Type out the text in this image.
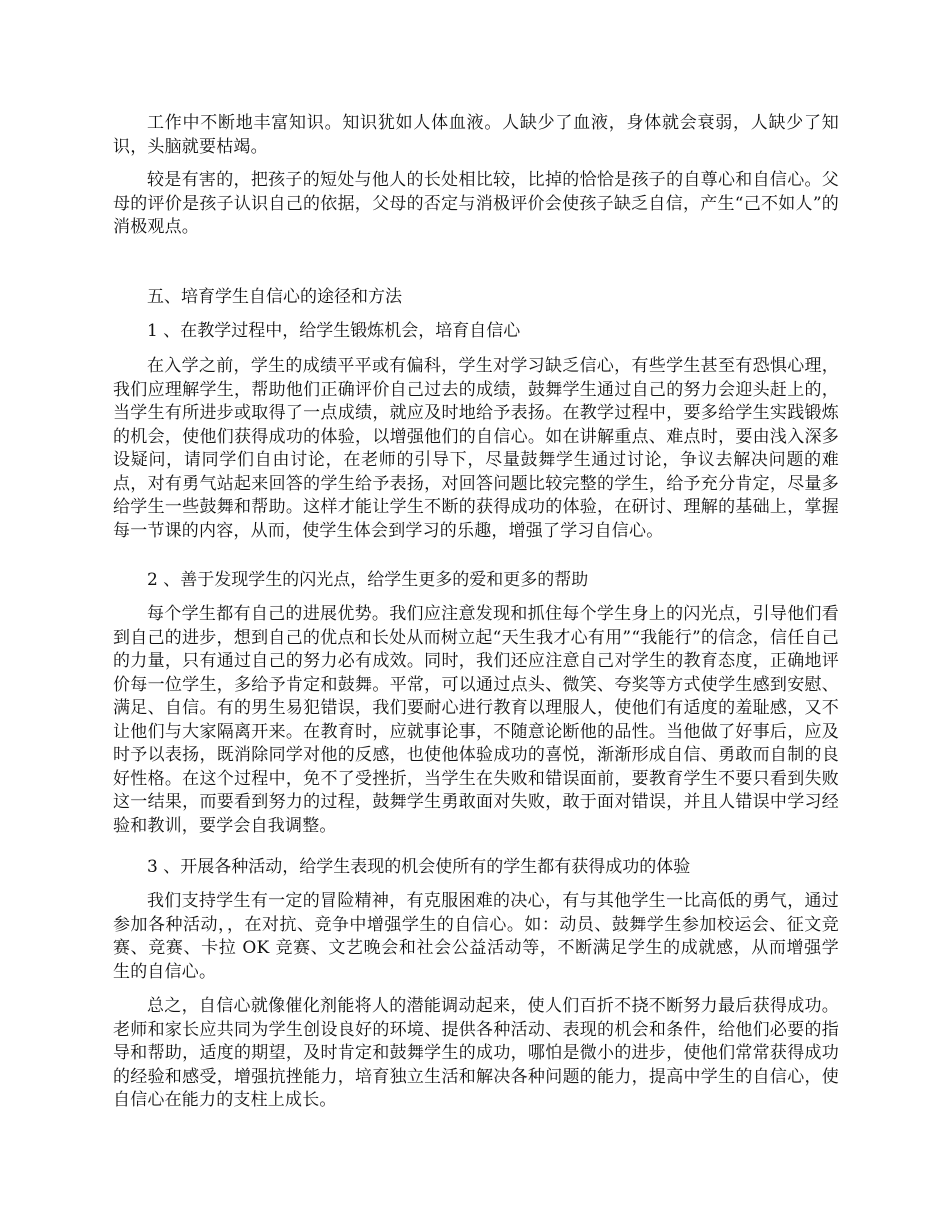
工作中不断地丰富知识。知识犹如人体血液。人缺少了血液，身体就会衰弱，人缺少了知识，头脑就要枯竭。

较是有害的，把孩子的短处与他人的长处相比较，比掉的恰恰是孩子的自尊心和自信心。父母的评价是孩子认识自己的依据，父母的否定与消极评价会使孩子缺乏自信，产生“己不如人”的消极观点。

五、培育学生自信心的途径和方法

1 、在教学过程中，给学生锻炼机会，培育自信心

在入学之前，学生的成绩平平或有偏科，学生对学习缺乏信心，有些学生甚至有恐惧心理，我们应理解学生，帮助他们正确评价自己过去的成绩，鼓舞学生通过自己的努力会迎头赶上的，当学生有所进步或取得了一点成绩，就应及时地给予表扬。在教学过程中，要多给学生实践锻炼的机会，使他们获得成功的体验，以增强他们的自信心。如在讲解重点、难点时，要由浅入深多设疑问，请同学们自由讨论，在老师的引导下，尽量鼓舞学生通过讨论，争议去解决问题的难点，对有勇气站起来回答的学生给予表扬，对回答问题比较完整的学生，给予充分肯定，尽量多给学生一些鼓舞和帮助。这样才能让学生不断的获得成功的体验，在研讨、理解的基础上，掌握每一节课的内容，从而，使学生体会到学习的乐趣，增强了学习自信心。

2 、善于发现学生的闪光点，给学生更多的爱和更多的帮助

每个学生都有自己的进展优势。我们应注意发现和抓住每个学生身上的闪光点，引导他们看到自己的进步，想到自己的优点和长处从而树立起“天生我才心有用”“我能行”的信念，信任自己的力量，只有通过自己的努力必有成效。同时，我们还应注意自己对学生的教育态度，正确地评价每一位学生，多给予肯定和鼓舞。平常，可以通过点头、微笑、夸奖等方式使学生感到安慰、满足、自信。有的男生易犯错误，我们要耐心进行教育以理服人，使他们有适度的羞耻感，又不让他们与大家隔离开来。在教育时，应就事论事，不随意论断他的品性。当他做了好事后，应及时予以表扬，既消除同学对他的反感，也使他体验成功的喜悦，渐渐形成自信、勇敢而自制的良好性格。在这个过程中，免不了受挫折，当学生在失败和错误面前，要教育学生不要只看到失败这一结果，而要看到努力的过程，鼓舞学生勇敢面对失败，敢于面对错误，并且人错误中学习经验和教训，要学会自我调整。

3 、开展各种活动，给学生表现的机会使所有的学生都有获得成功的体验

我们支持学生有一定的冒险精神，有克服困难的决心，有与其他学生一比高低的勇气，通过参加各种活动，，在对抗、竞争中增强学生的自信心。如：动员、鼓舞学生参加校运会、征文竞赛、竞赛、卡拉 OK 竞赛、文艺晚会和社会公益活动等，不断满足学生的成就感，从而增强学生的自信心。

总之，自信心就像催化剂能将人的潜能调动起来，使人们百折不挠不断努力最后获得成功。老师和家长应共同为学生创设良好的环境、提供各种活动、表现的机会和条件，给他们必要的指导和帮助，适度的期望，及时肯定和鼓舞学生的成功，哪怕是微小的进步，使他们常常获得成功的经验和感受，增强抗挫能力，培育独立生活和解决各种问题的能力，提高中学生的自信心，使自信心在能力的支柱上成长。
